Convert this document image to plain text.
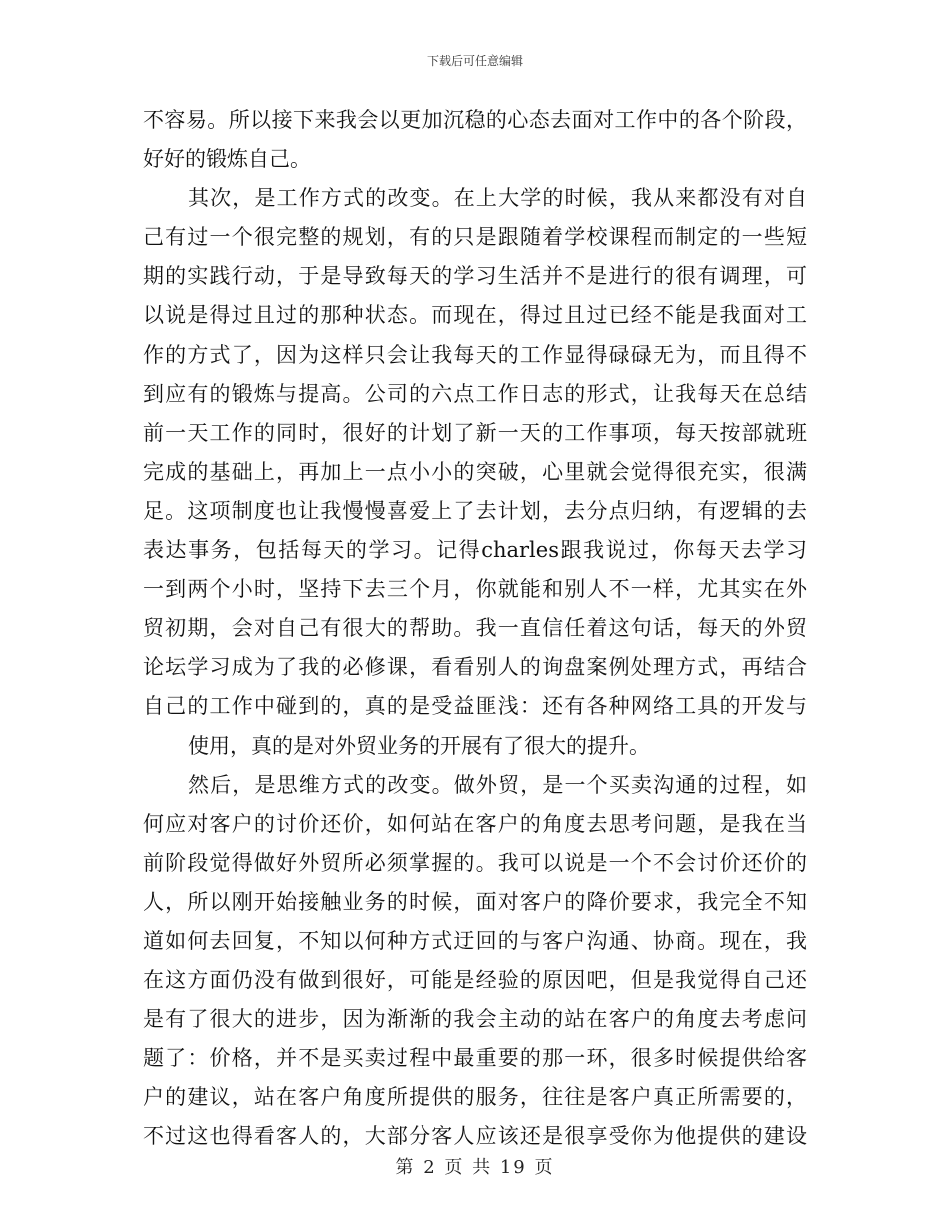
下载后可任意编辑
不容易。所以接下来我会以更加沉稳的心态去面对工作中的各个阶段，
好好的锻炼自己。
其次，是工作方式的改变。在上大学的时候，我从来都没有对自
己有过一个很完整的规划，有的只是跟随着学校课程而制定的一些短
期的实践行动，于是导致每天的学习生活并不是进行的很有调理，可
以说是得过且过的那种状态。而现在，得过且过已经不能是我面对工
作的方式了，因为这样只会让我每天的工作显得碌碌无为，而且得不
到应有的锻炼与提高。公司的六点工作日志的形式，让我每天在总结
前一天工作的同时，很好的计划了新一天的工作事项，每天按部就班
完成的基础上，再加上一点小小的突破，心里就会觉得很充实，很满
足。这项制度也让我慢慢喜爱上了去计划，去分点归纳，有逻辑的去
表达事务，包括每天的学习。记得charles跟我说过，你每天去学习
一到两个小时，坚持下去三个月，你就能和别人不一样，尤其实在外
贸初期，会对自己有很大的帮助。我一直信任着这句话，每天的外贸
论坛学习成为了我的必修课，看看别人的询盘案例处理方式，再结合
自己的工作中碰到的，真的是受益匪浅：还有各种网络工具的开发与
使用，真的是对外贸业务的开展有了很大的提升。
然后，是思维方式的改变。做外贸，是一个买卖沟通的过程，如
何应对客户的讨价还价，如何站在客户的角度去思考问题，是我在当
前阶段觉得做好外贸所必须掌握的。我可以说是一个不会讨价还价的
人，所以刚开始接触业务的时候，面对客户的降价要求，我完全不知
道如何去回复，不知以何种方式迂回的与客户沟通、协商。现在，我
在这方面仍没有做到很好，可能是经验的原因吧，但是我觉得自己还
是有了很大的进步，因为渐渐的我会主动的站在客户的角度去考虑问
题了：价格，并不是买卖过程中最重要的那一环，很多时候提供给客
户的建议，站在客户角度所提供的服务，往往是客户真正所需要的，
不过这也得看客人的，大部分客人应该还是很享受你为他提供的建设
第 2 页 共 19 页
